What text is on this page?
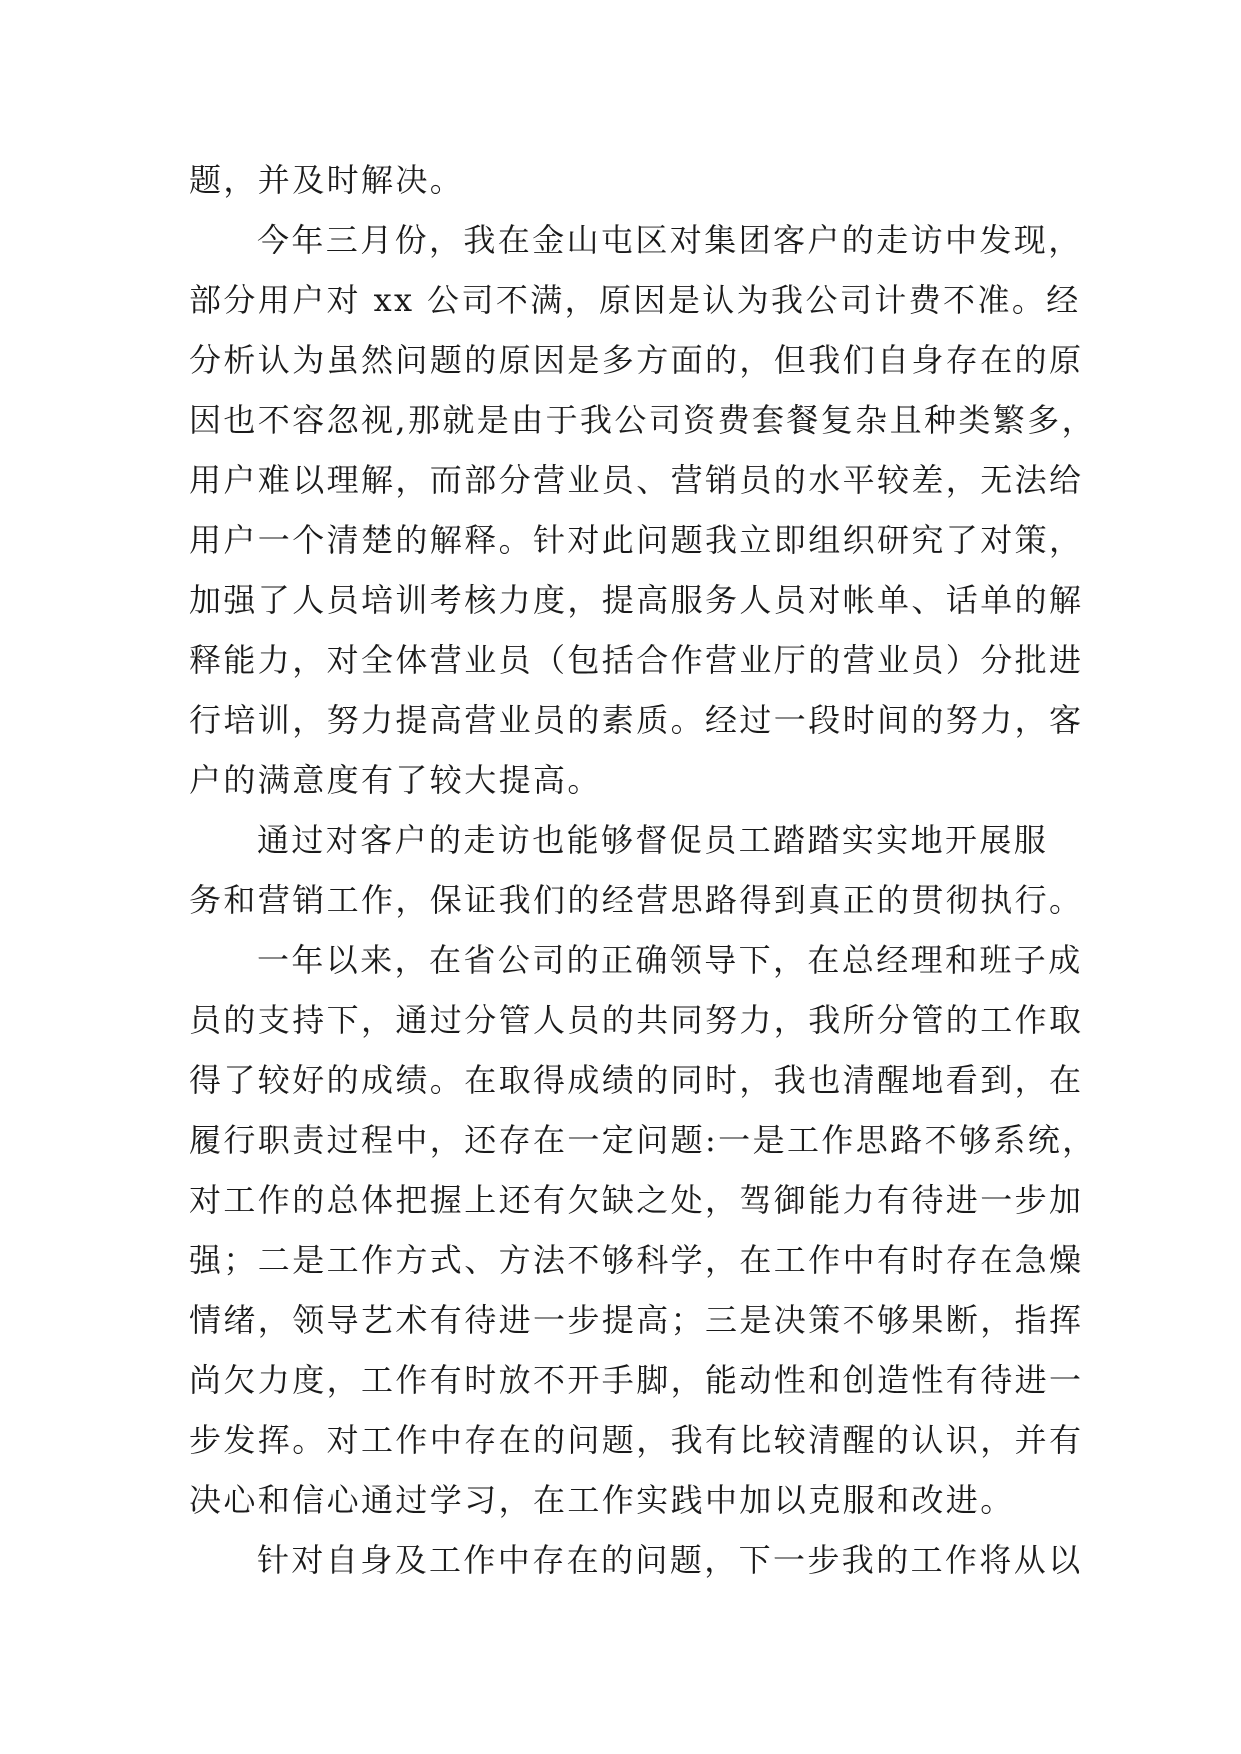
题，并及时解决。
今年三月份，我在金山屯区对集团客户的走访中发现，
部分用户对 xx 公司不满，原因是认为我公司计费不准。经
分析认为虽然问题的原因是多方面的，但我们自身存在的原
因也不容忽视,那就是由于我公司资费套餐复杂且种类繁多，
用户难以理解，而部分营业员、营销员的水平较差，无法给
用户一个清楚的解释。针对此问题我立即组织研究了对策，
加强了人员培训考核力度，提高服务人员对帐单、话单的解
释能力，对全体营业员（包括合作营业厅的营业员）分批进
行培训，努力提高营业员的素质。经过一段时间的努力，客
户的满意度有了较大提高。
通过对客户的走访也能够督促员工踏踏实实地开展服
务和营销工作，保证我们的经营思路得到真正的贯彻执行。
一年以来，在省公司的正确领导下，在总经理和班子成
员的支持下，通过分管人员的共同努力，我所分管的工作取
得了较好的成绩。在取得成绩的同时，我也清醒地看到，在
履行职责过程中，还存在一定问题:一是工作思路不够系统，
对工作的总体把握上还有欠缺之处，驾御能力有待进一步加
强；二是工作方式、方法不够科学，在工作中有时存在急燥
情绪，领导艺术有待进一步提高；三是决策不够果断，指挥
尚欠力度，工作有时放不开手脚，能动性和创造性有待进一
步发挥。对工作中存在的问题，我有比较清醒的认识，并有
决心和信心通过学习，在工作实践中加以克服和改进。
针对自身及工作中存在的问题，下一步我的工作将从以
